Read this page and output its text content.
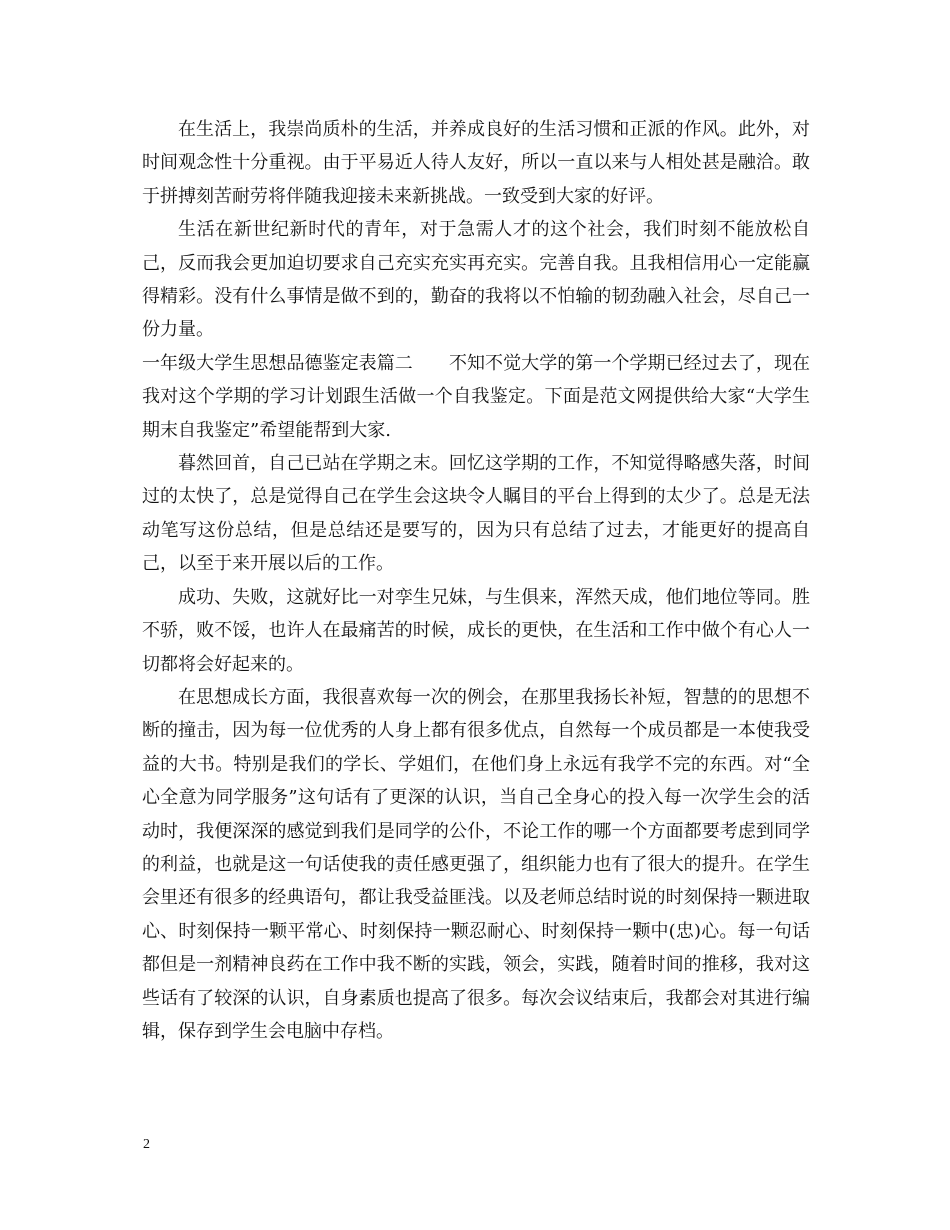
在生活上，我崇尚质朴的生活，并养成良好的生活习惯和正派的作风。此外，对时间观念性十分重视。由于平易近人待人友好，所以一直以来与人相处甚是融洽。敢于拼搏刻苦耐劳将伴随我迎接未来新挑战。一致受到大家的好评。

生活在新世纪新时代的青年，对于急需人才的这个社会，我们时刻不能放松自己，反而我会更加迫切要求自己充实充实再充实。完善自我。且我相信用心一定能赢得精彩。没有什么事情是做不到的，勤奋的我将以不怕输的韧劲融入社会，尽自己一份力量。

一年级大学生思想品德鉴定表篇二　　不知不觉大学的第一个学期已经过去了，现在我对这个学期的学习计划跟生活做一个自我鉴定。下面是范文网提供给大家“大学生期末自我鉴定”希望能帮到大家.

暮然回首，自己已站在学期之末。回忆这学期的工作，不知觉得略感失落，时间过的太快了，总是觉得自己在学生会这块令人瞩目的平台上得到的太少了。总是无法动笔写这份总结，但是总结还是要写的，因为只有总结了过去，才能更好的提高自己，以至于来开展以后的工作。

成功、失败，这就好比一对孪生兄妹，与生俱来，浑然天成，他们地位等同。胜不骄，败不馁，也许人在最痛苦的时候，成长的更快，在生活和工作中做个有心人一切都将会好起来的。

在思想成长方面，我很喜欢每一次的例会，在那里我扬长补短，智慧的的思想不断的撞击，因为每一位优秀的人身上都有很多优点，自然每一个成员都是一本使我受益的大书。特别是我们的学长、学姐们，在他们身上永远有我学不完的东西。对“全心全意为同学服务”这句话有了更深的认识，当自己全身心的投入每一次学生会的活动时，我便深深的感觉到我们是同学的公仆，不论工作的哪一个方面都要考虑到同学的利益，也就是这一句话使我的责任感更强了，组织能力也有了很大的提升。在学生会里还有很多的经典语句，都让我受益匪浅。以及老师总结时说的时刻保持一颗进取心、时刻保持一颗平常心、时刻保持一颗忍耐心、时刻保持一颗中(忠)心。每一句话都但是一剂精神良药在工作中我不断的实践，领会，实践，随着时间的推移，我对这些话有了较深的认识，自身素质也提高了很多。每次会议结束后，我都会对其进行编辑，保存到学生会电脑中存档。

2
